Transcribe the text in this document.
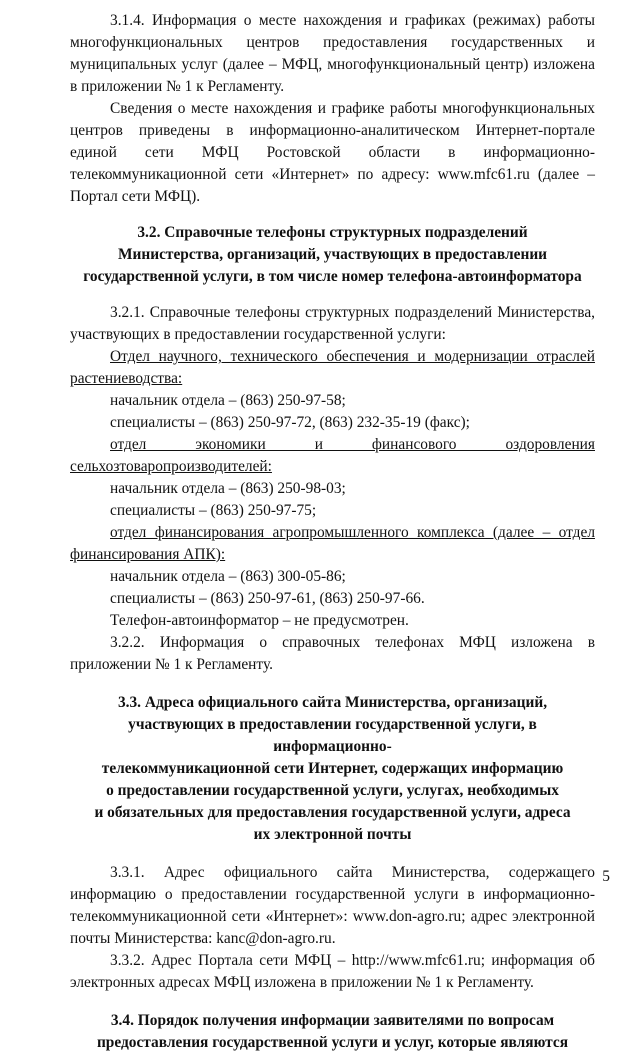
3.1.4. Информация о месте нахождения и графиках (режимах) работы многофункциональных центров предоставления государственных и муниципальных услуг (далее – МФЦ, многофункциональный центр) изложена в приложении № 1 к Регламенту.

Сведения о месте нахождения и графике работы многофункциональных центров приведены в информационно-аналитическом Интернет-портале единой сети МФЦ Ростовской области в информационно-телекоммуникационной сети «Интернет» по адресу: www.mfc61.ru (далее – Портал сети МФЦ).

3.2. Справочные телефоны структурных подразделений
Министерства, организаций, участвующих в предоставлении
государственной услуги, в том числе номер телефона-автоинформатора

3.2.1. Справочные телефоны структурных подразделений Министерства, участвующих в предоставлении государственной услуги:

Отдел научного, технического обеспечения и модернизации отраслей растениеводства:

начальник отдела – (863) 250-97-58;

специалисты – (863) 250-97-72, (863) 232-35-19 (факс);

отдел экономики и финансового оздоровления сельхозтоваропроизводителей:

начальник отдела – (863) 250-98-03;

специалисты – (863) 250-97-75;

отдел финансирования агропромышленного комплекса (далее – отдел финансирования АПК):

начальник отдела – (863) 300-05-86;

специалисты – (863) 250-97-61, (863) 250-97-66.

Телефон-автоинформатор – не предусмотрен.

3.2.2. Информация о справочных телефонах МФЦ изложена в приложении № 1 к Регламенту.

3.3. Адреса официального сайта Министерства, организаций,
участвующих в предоставлении государственной услуги, в информационно-
телекоммуникационной сети Интернет, содержащих информацию
о предоставлении государственной услуги, услугах, необходимых
и обязательных для предоставления государственной услуги, адреса
их электронной почты

3.3.1. Адрес официального сайта Министерства, содержащего информацию о предоставлении государственной услуги в информационно-телекоммуникационной сети «Интернет»: www.don-agro.ru; адрес электронной почты Министерства: kanc@don-agro.ru.

3.3.2. Адрес Портала сети МФЦ – http://www.mfc61.ru; информация об электронных адресах МФЦ изложена в приложении № 1 к Регламенту.

3.4. Порядок получения информации заявителями по вопросам
предоставления государственной услуги и услуг, которые являются
5
